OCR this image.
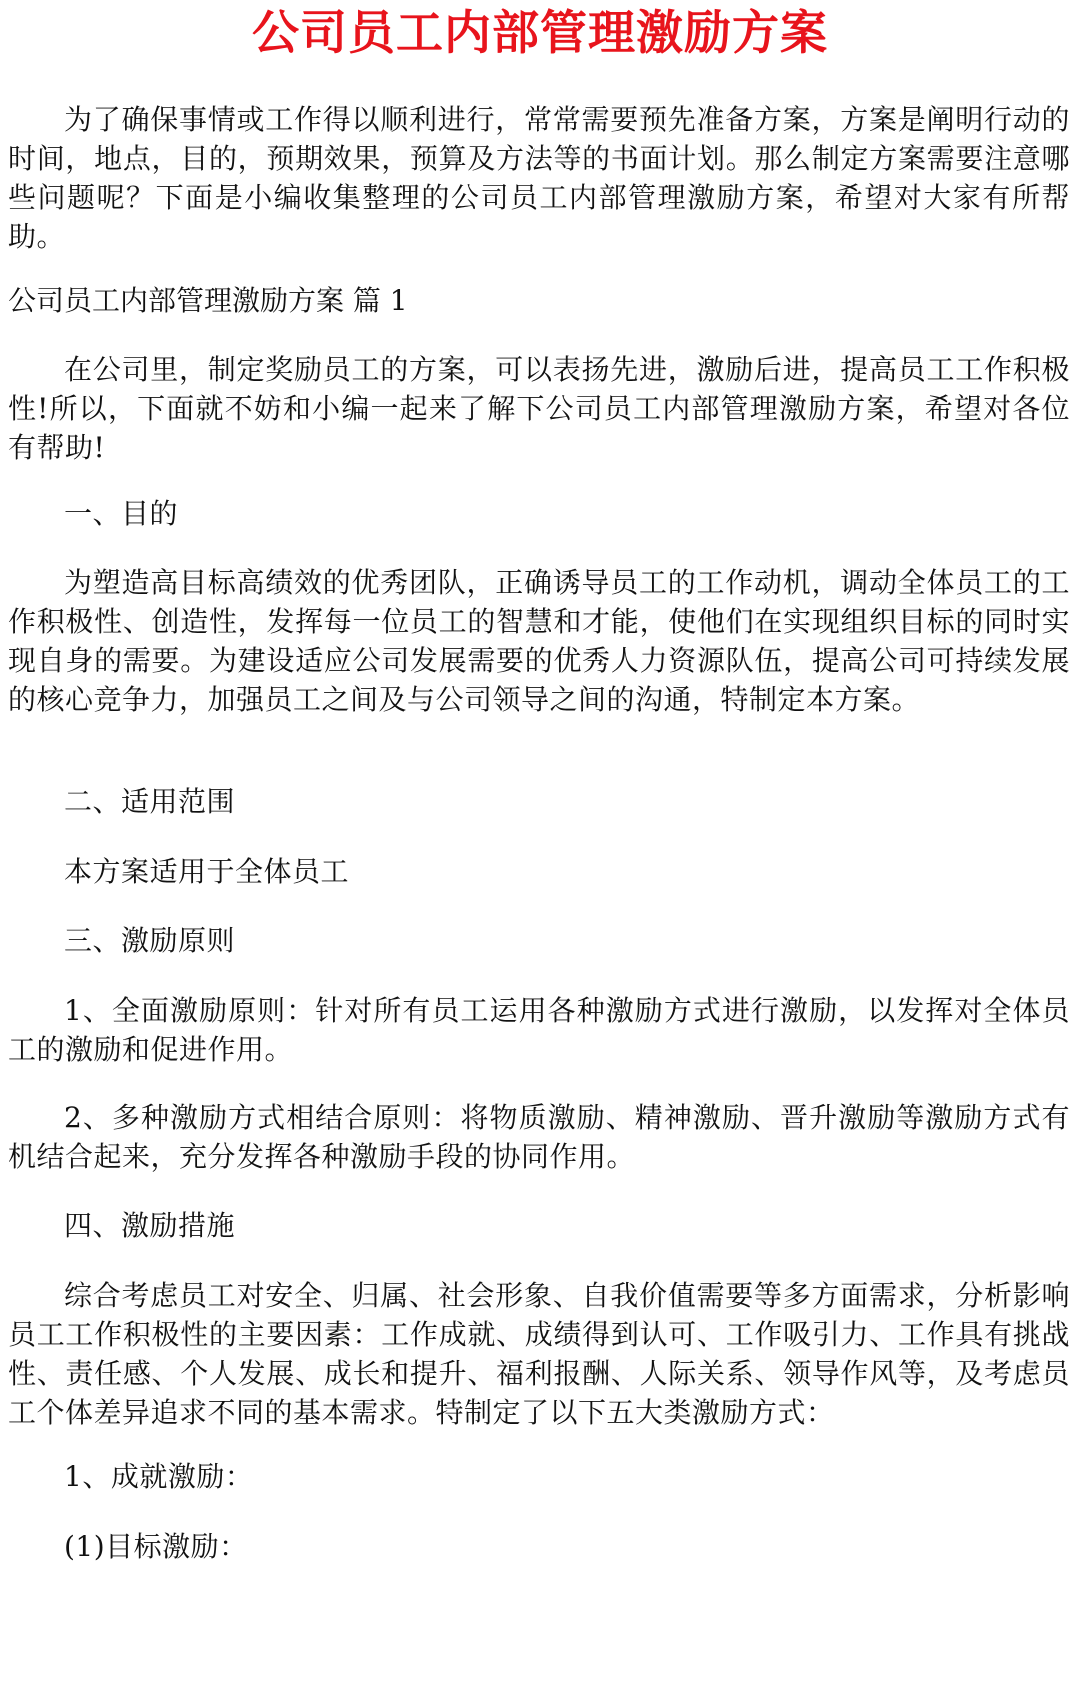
公司员工内部管理激励方案

为了确保事情或工作得以顺利进行，常常需要预先准备方案，方案是阐明行动的时间，地点，目的，预期效果，预算及方法等的书面计划。那么制定方案需要注意哪些问题呢？下面是小编收集整理的公司员工内部管理激励方案，希望对大家有所帮助。

公司员工内部管理激励方案 篇 1

在公司里，制定奖励员工的方案，可以表扬先进，激励后进，提高员工工作积极性!所以，下面就不妨和小编一起来了解下公司员工内部管理激励方案，希望对各位有帮助!

一、目的

为塑造高目标高绩效的优秀团队，正确诱导员工的工作动机，调动全体员工的工作积极性、创造性，发挥每一位员工的智慧和才能，使他们在实现组织目标的同时实现自身的需要。为建设适应公司发展需要的优秀人力资源队伍，提高公司可持续发展的核心竞争力，加强员工之间及与公司领导之间的沟通，特制定本方案。

二、适用范围

本方案适用于全体员工

三、激励原则

1、全面激励原则：针对所有员工运用各种激励方式进行激励，以发挥对全体员工的激励和促进作用。

2、多种激励方式相结合原则：将物质激励、精神激励、晋升激励等激励方式有机结合起来，充分发挥各种激励手段的协同作用。

四、激励措施

综合考虑员工对安全、归属、社会形象、自我价值需要等多方面需求，分析影响员工工作积极性的主要因素：工作成就、成绩得到认可、工作吸引力、工作具有挑战性、责任感、个人发展、成长和提升、福利报酬、人际关系、领导作风等，及考虑员工个体差异追求不同的基本需求。特制定了以下五大类激励方式：

1、成就激励：

(1)目标激励：
